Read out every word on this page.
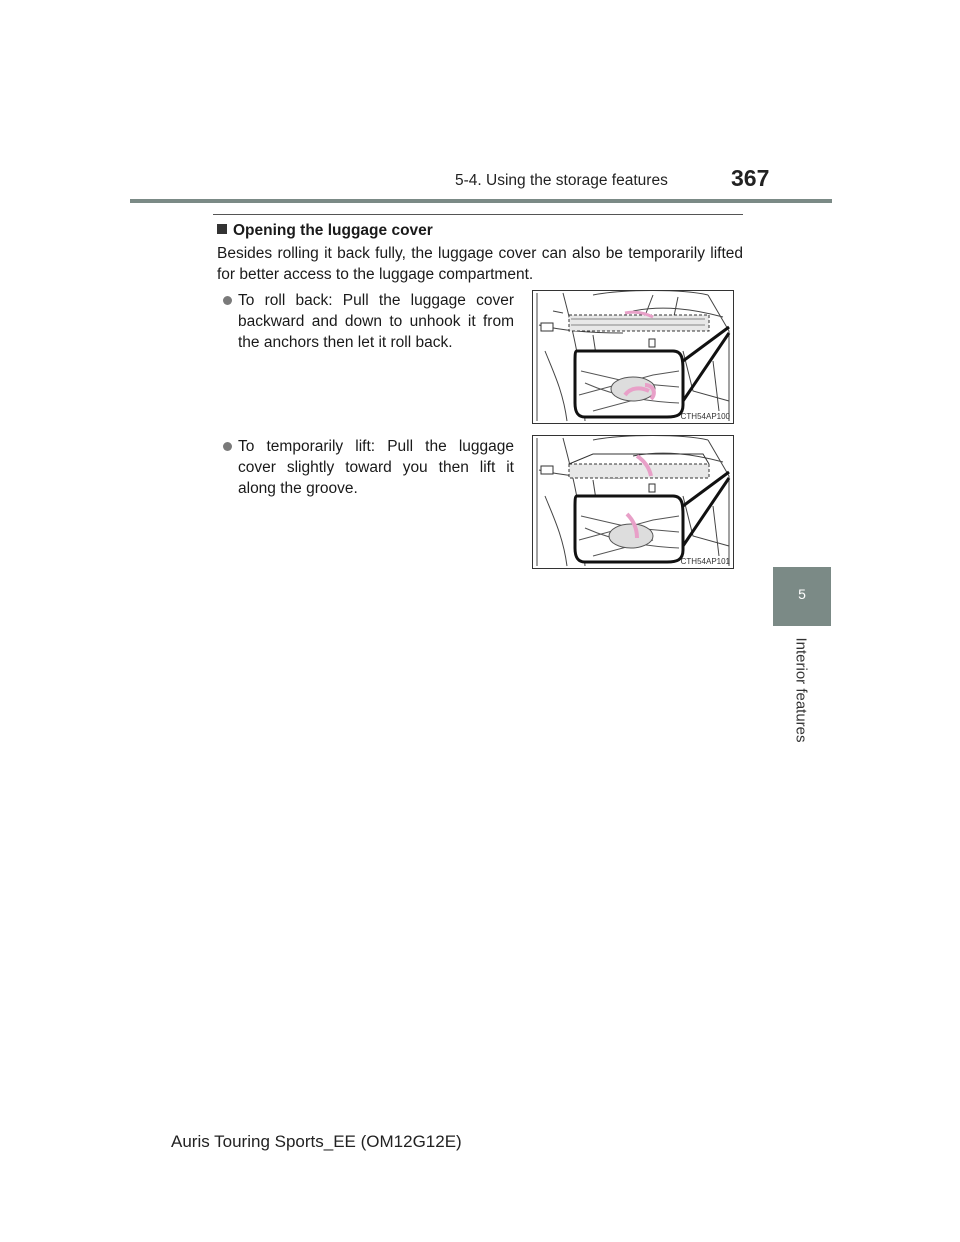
5-4. Using the storage features	367
5
Interior features
Opening the luggage cover
Besides rolling it back fully, the luggage cover can also be temporarily lifted for better access to the luggage compartment.
To roll back: Pull the luggage cover backward and down to unhook it from the anchors then let it roll back.
To temporarily lift: Pull the luggage cover slightly toward you then lift it along the groove.
CTH54AP100
CTH54AP101
Auris Touring Sports_EE (OM12G12E)
